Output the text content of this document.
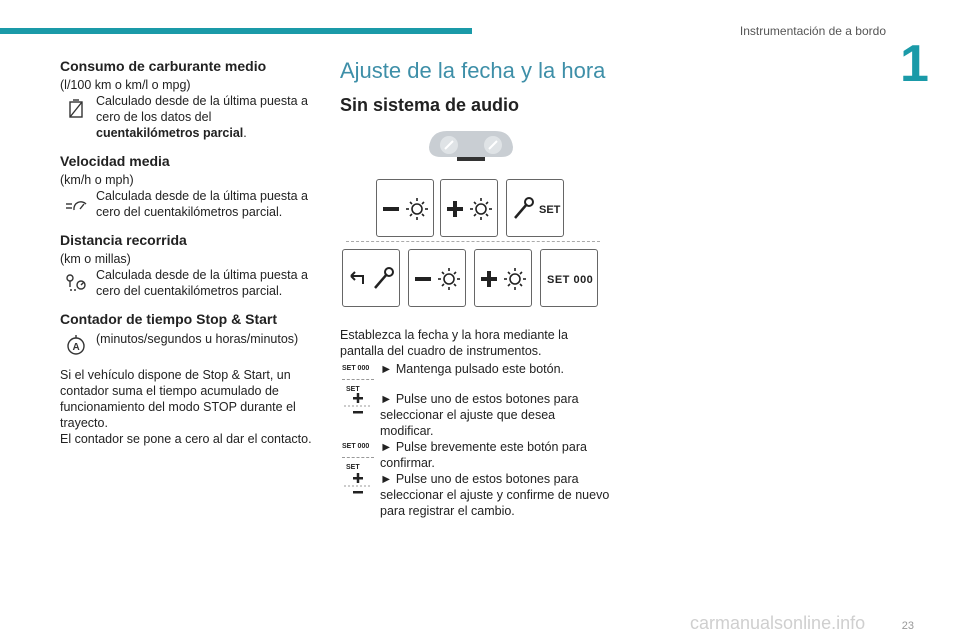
Instrumentación de a bordo
1
Consumo de carburante medio

(l/100 km o km/l o mpg)

Calculado desde de la última puesta a cero de los datos del cuentakilómetros parcial.
Velocidad media

(km/h o mph)

Calculada desde de la última puesta a cero del cuentakilómetros parcial.
Distancia recorrida

(km o millas)

Calculada desde de la última puesta a cero del cuentakilómetros parcial.
Contador de tiempo Stop & Start
A
(minutos/segundos u horas/minutos)

Si el vehículo dispone de Stop & Start, un contador suma el tiempo acumulado de funcionamiento del modo STOP durante el trayecto.

El contador se pone a cero al dar el contacto.

Ajuste de la fecha y la hora
Sin sistema de audio
SET
SET 000

Establezca la fecha y la hora mediante la pantalla del cuadro de instrumentos.

SET 000
SET
► Mantenga pulsado este botón.
► Pulse uno de estos botones para seleccionar el ajuste que desea modificar.
SET 000
SET
► Pulse brevemente este botón para confirmar.
► Pulse uno de estos botones para seleccionar el ajuste y confirme de nuevo para registrar el cambio.
23
carmanualsonline.info
